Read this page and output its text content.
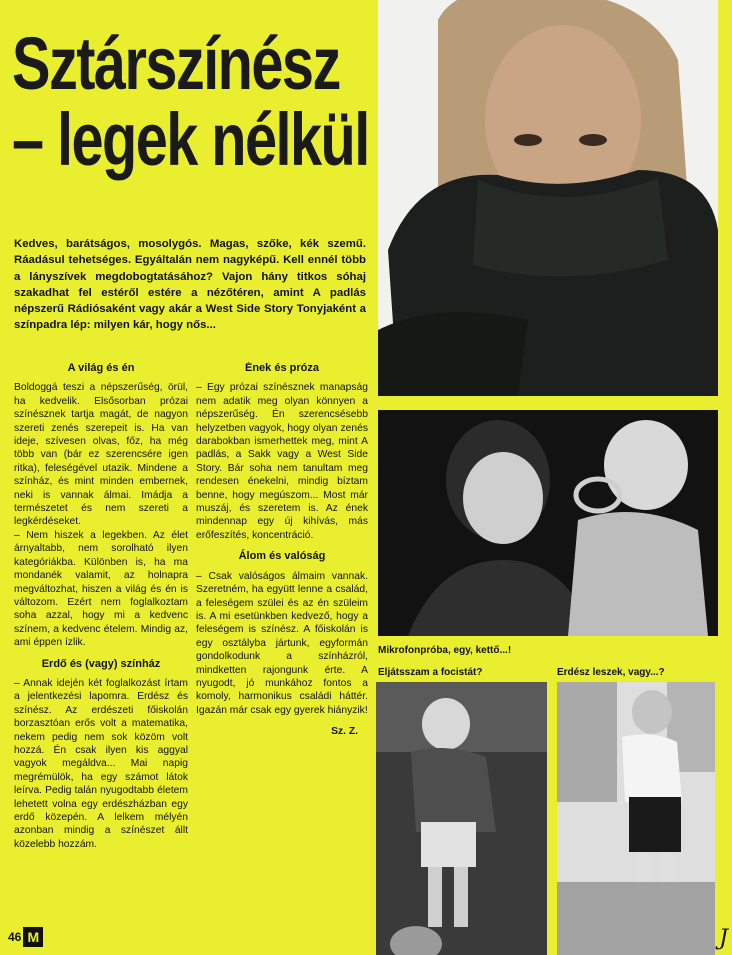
Sztárszínész
– legek nélkül

Kedves, barátságos, mosolygós. Magas, szőke, kék szemű. Ráadásul tehetséges. Egyáltalán nem nagyképű. Kell ennél több a lányszívek megdobogtatásához? Vajon hány titkos sóhaj szakadhat fel estéről estére a nézőtéren, amint A padlás népszerű Rádiósaként vagy akár a West Side Story Tonyjaként a színpadra lép: milyen kár, hogy nős...

A világ és én

Boldoggá teszi a népszerűség, örül, ha kedvelik. Elsősorban prózai színésznek tartja magát, de nagyon szereti zenés szerepeit is. Ha van ideje, szívesen olvas, főz, ha még több van (bár ez szerencsére igen ritka), feleségével utazik. Mindene a színház, és mint minden embernek, neki is vannak álmai. Imádja a természetet és nem szereti a legkérdéseket.

– Nem hiszek a legekben. Az élet árnyaltabb, nem sorolható ilyen kategóriákba. Különben is, ha ma mondanék valamit, az holnapra megváltozhat, hiszen a világ és én is változom. Ezért nem foglalkoztam soha azzal, hogy mi a kedvenc színem, a kedvenc ételem. Mindig az, ami éppen ízlik.

Erdő és (vagy) színház

– Annak idején két foglalkozást írtam a jelentkezési lapomra. Erdész és színész. Az erdészeti főiskolán borzasztóan erős volt a matematika, nekem pedig nem sok közöm volt hozzá. Én csak ilyen kis aggyal vagyok megáldva... Mai napig megrémülök, ha egy számot látok leírva. Pedig talán nyugodtabb életem lehetett volna egy erdészházban egy erdő közepén. A lelkem mélyén azonban mindig a színészet állt közelebb hozzám.

Ének és próza

– Egy prózai színésznek manapság nem adatik meg olyan könnyen a népszerűség. Én szerencsésebb helyzetben vagyok, hogy olyan zenés darabokban ismerhettek meg, mint A padlás, a Sakk vagy a West Side Story. Bár soha nem tanultam meg rendesen énekelni, mindig bíztam benne, hogy megúszom... Most már muszáj, és szeretem is. Az ének mindennap egy új kihívás, más erőfeszítés, koncentráció.

Álom és valóság

– Csak valóságos álmaim vannak. Szeretném, ha együtt lenne a család, a feleségem szülei és az én szüleim is. A mi esetünkben kedvező, hogy a feleségem is színész. A főiskolán is egy osztályba jártunk, egyformán gondolkodunk a színházról, mindketten rajongunk érte. A nyugodt, jó munkához fontos a komoly, harmonikus családi háttér. Igazán már csak egy gyerek hiányzik!

Sz. Z.

Mikrofonpróba, egy, kettő...!
Eljátsszam a focistát?	Erdész leszek, vagy...?
46 M	J
